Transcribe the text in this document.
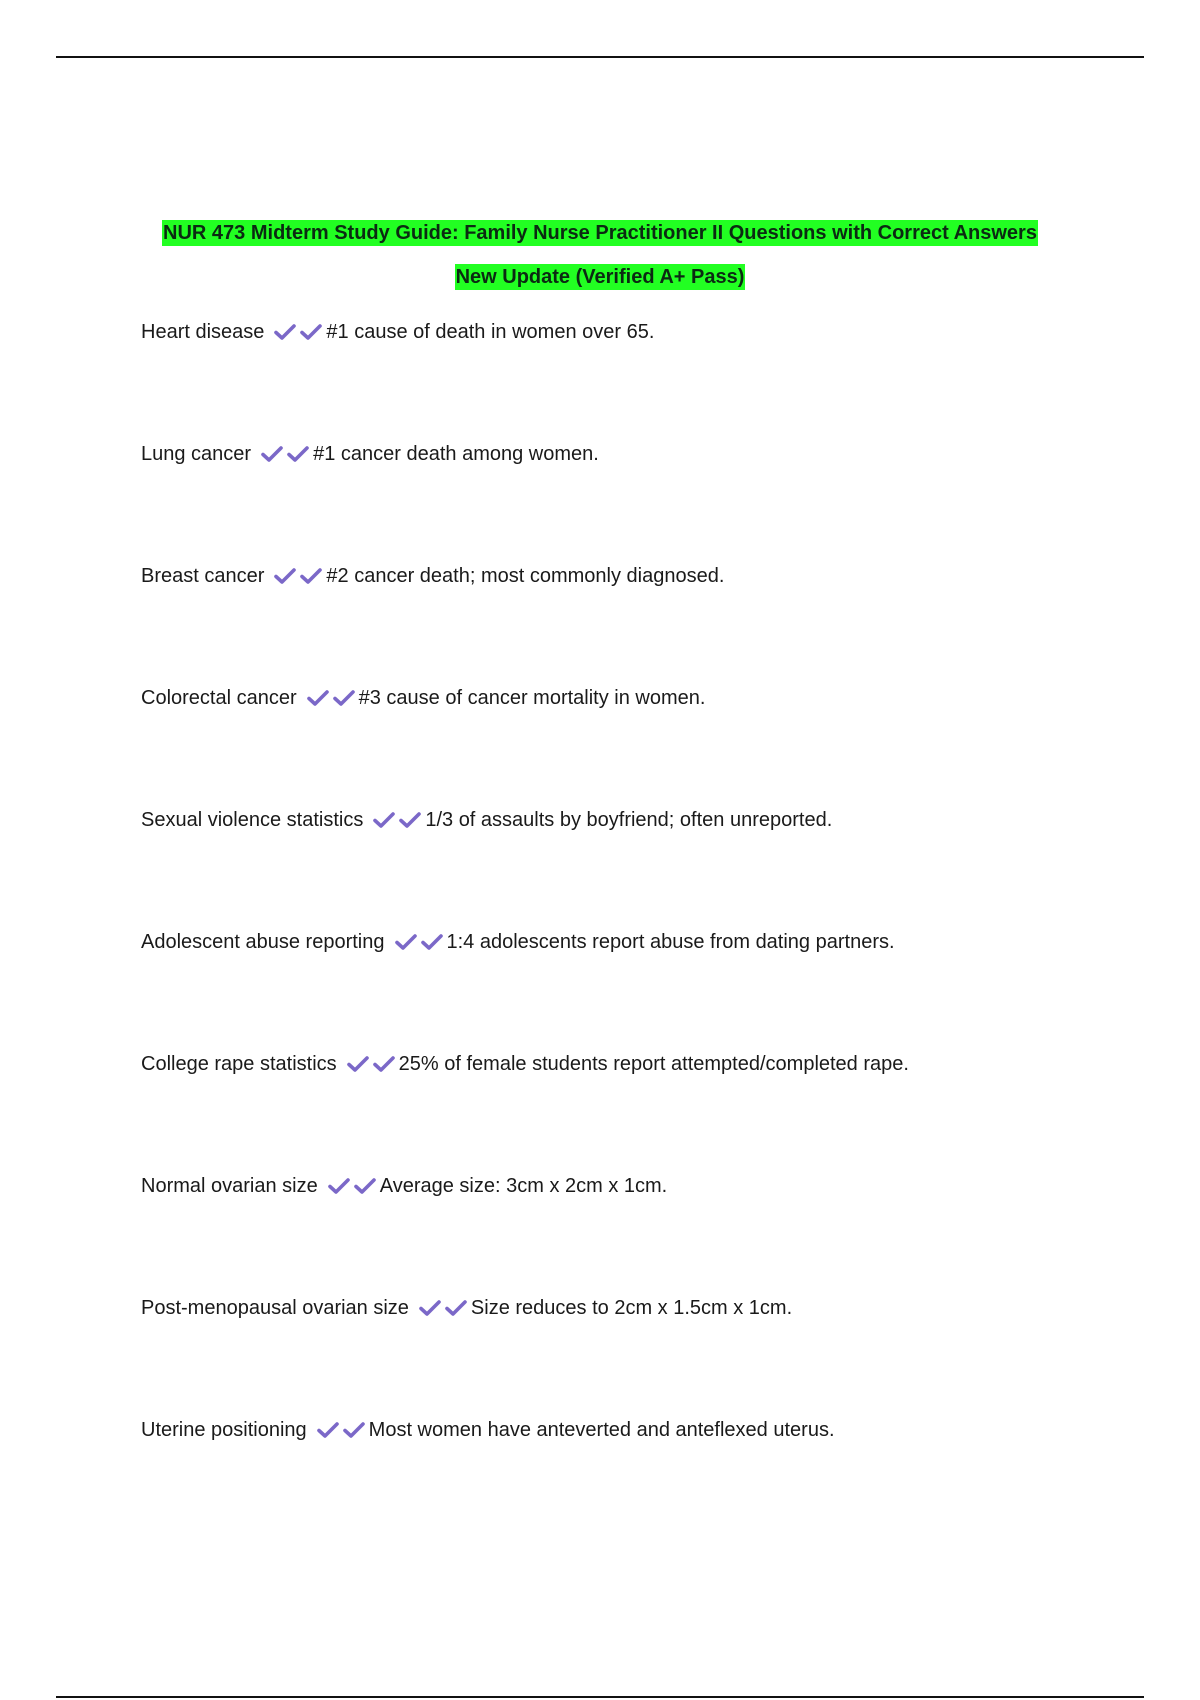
NUR 473 Midterm Study Guide: Family Nurse Practitioner II Questions with Correct Answers
New Update (Verified A+ Pass)
Heart disease	#1 cause of death in women over 65.
Lung cancer	#1 cancer death among women.
Breast cancer	#2 cancer death; most commonly diagnosed.
Colorectal cancer	#3 cause of cancer mortality in women.
Sexual violence statistics	1/3 of assaults by boyfriend; often unreported.
Adolescent abuse reporting	1:4 adolescents report abuse from dating partners.
College rape statistics	25% of female students report attempted/completed rape.
Normal ovarian size	Average size: 3cm x 2cm x 1cm.
Post-menopausal ovarian size	Size reduces to 2cm x 1.5cm x 1cm.
Uterine positioning	Most women have anteverted and anteflexed uterus.
